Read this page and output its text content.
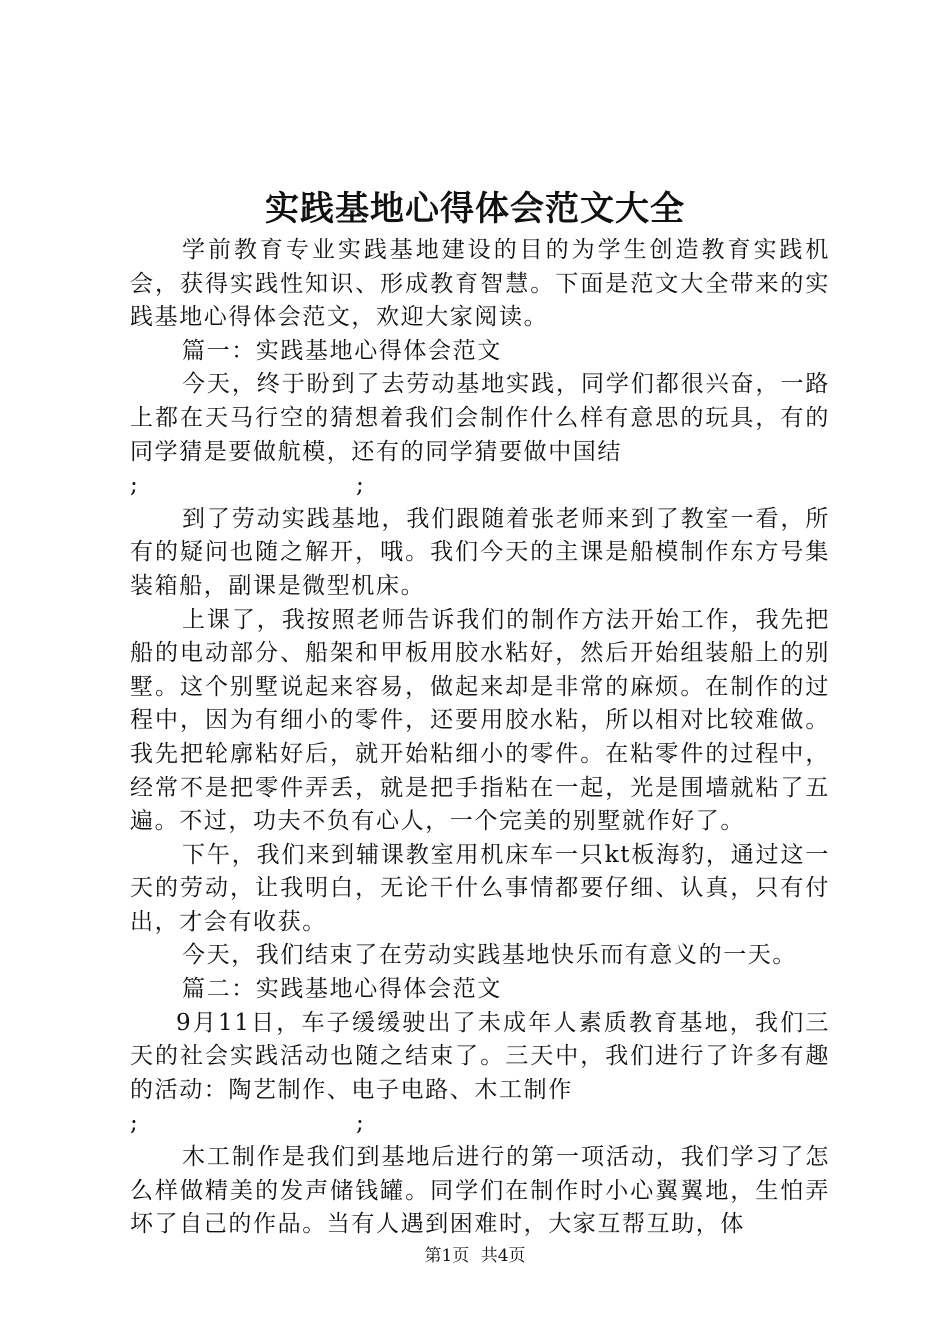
实践基地心得体会范文大全

学前教育专业实践基地建设的目的为学生创造教育实践机会，获得实践性知识、形成教育智慧。下面是范文大全带来的实践基地心得体会范文，欢迎大家阅读。

篇一：实践基地心得体会范文

今天，终于盼到了去劳动基地实践，同学们都很兴奋，一路上都在天马行空的猜想着我们会制作什么样有意思的玩具，有的同学猜是要做航模，还有的同学猜要做中国结

;	;

到了劳动实践基地，我们跟随着张老师来到了教室一看，所有的疑问也随之解开，哦。我们今天的主课是船模制作东方号集装箱船，副课是微型机床。

上课了，我按照老师告诉我们的制作方法开始工作，我先把船的电动部分、船架和甲板用胶水粘好，然后开始组装船上的别墅。这个别墅说起来容易，做起来却是非常的麻烦。在制作的过程中，因为有细小的零件，还要用胶水粘，所以相对比较难做。我先把轮廓粘好后，就开始粘细小的零件。在粘零件的过程中，经常不是把零件弄丢，就是把手指粘在一起，光是围墙就粘了五遍。不过，功夫不负有心人，一个完美的别墅就作好了。

下午，我们来到辅课教室用机床车一只kt板海豹，通过这一天的劳动，让我明白，无论干什么事情都要仔细、认真，只有付出，才会有收获。

今天，我们结束了在劳动实践基地快乐而有意义的一天。

篇二：实践基地心得体会范文

9月11日，车子缓缓驶出了未成年人素质教育基地，我们三天的社会实践活动也随之结束了。三天中，我们进行了许多有趣的活动：陶艺制作、电子电路、木工制作

;	;

木工制作是我们到基地后进行的第一项活动，我们学习了怎么样做精美的发声储钱罐。同学们在制作时小心翼翼地，生怕弄坏了自己的作品。当有人遇到困难时，大家互帮互助，体

第1页 共4页
